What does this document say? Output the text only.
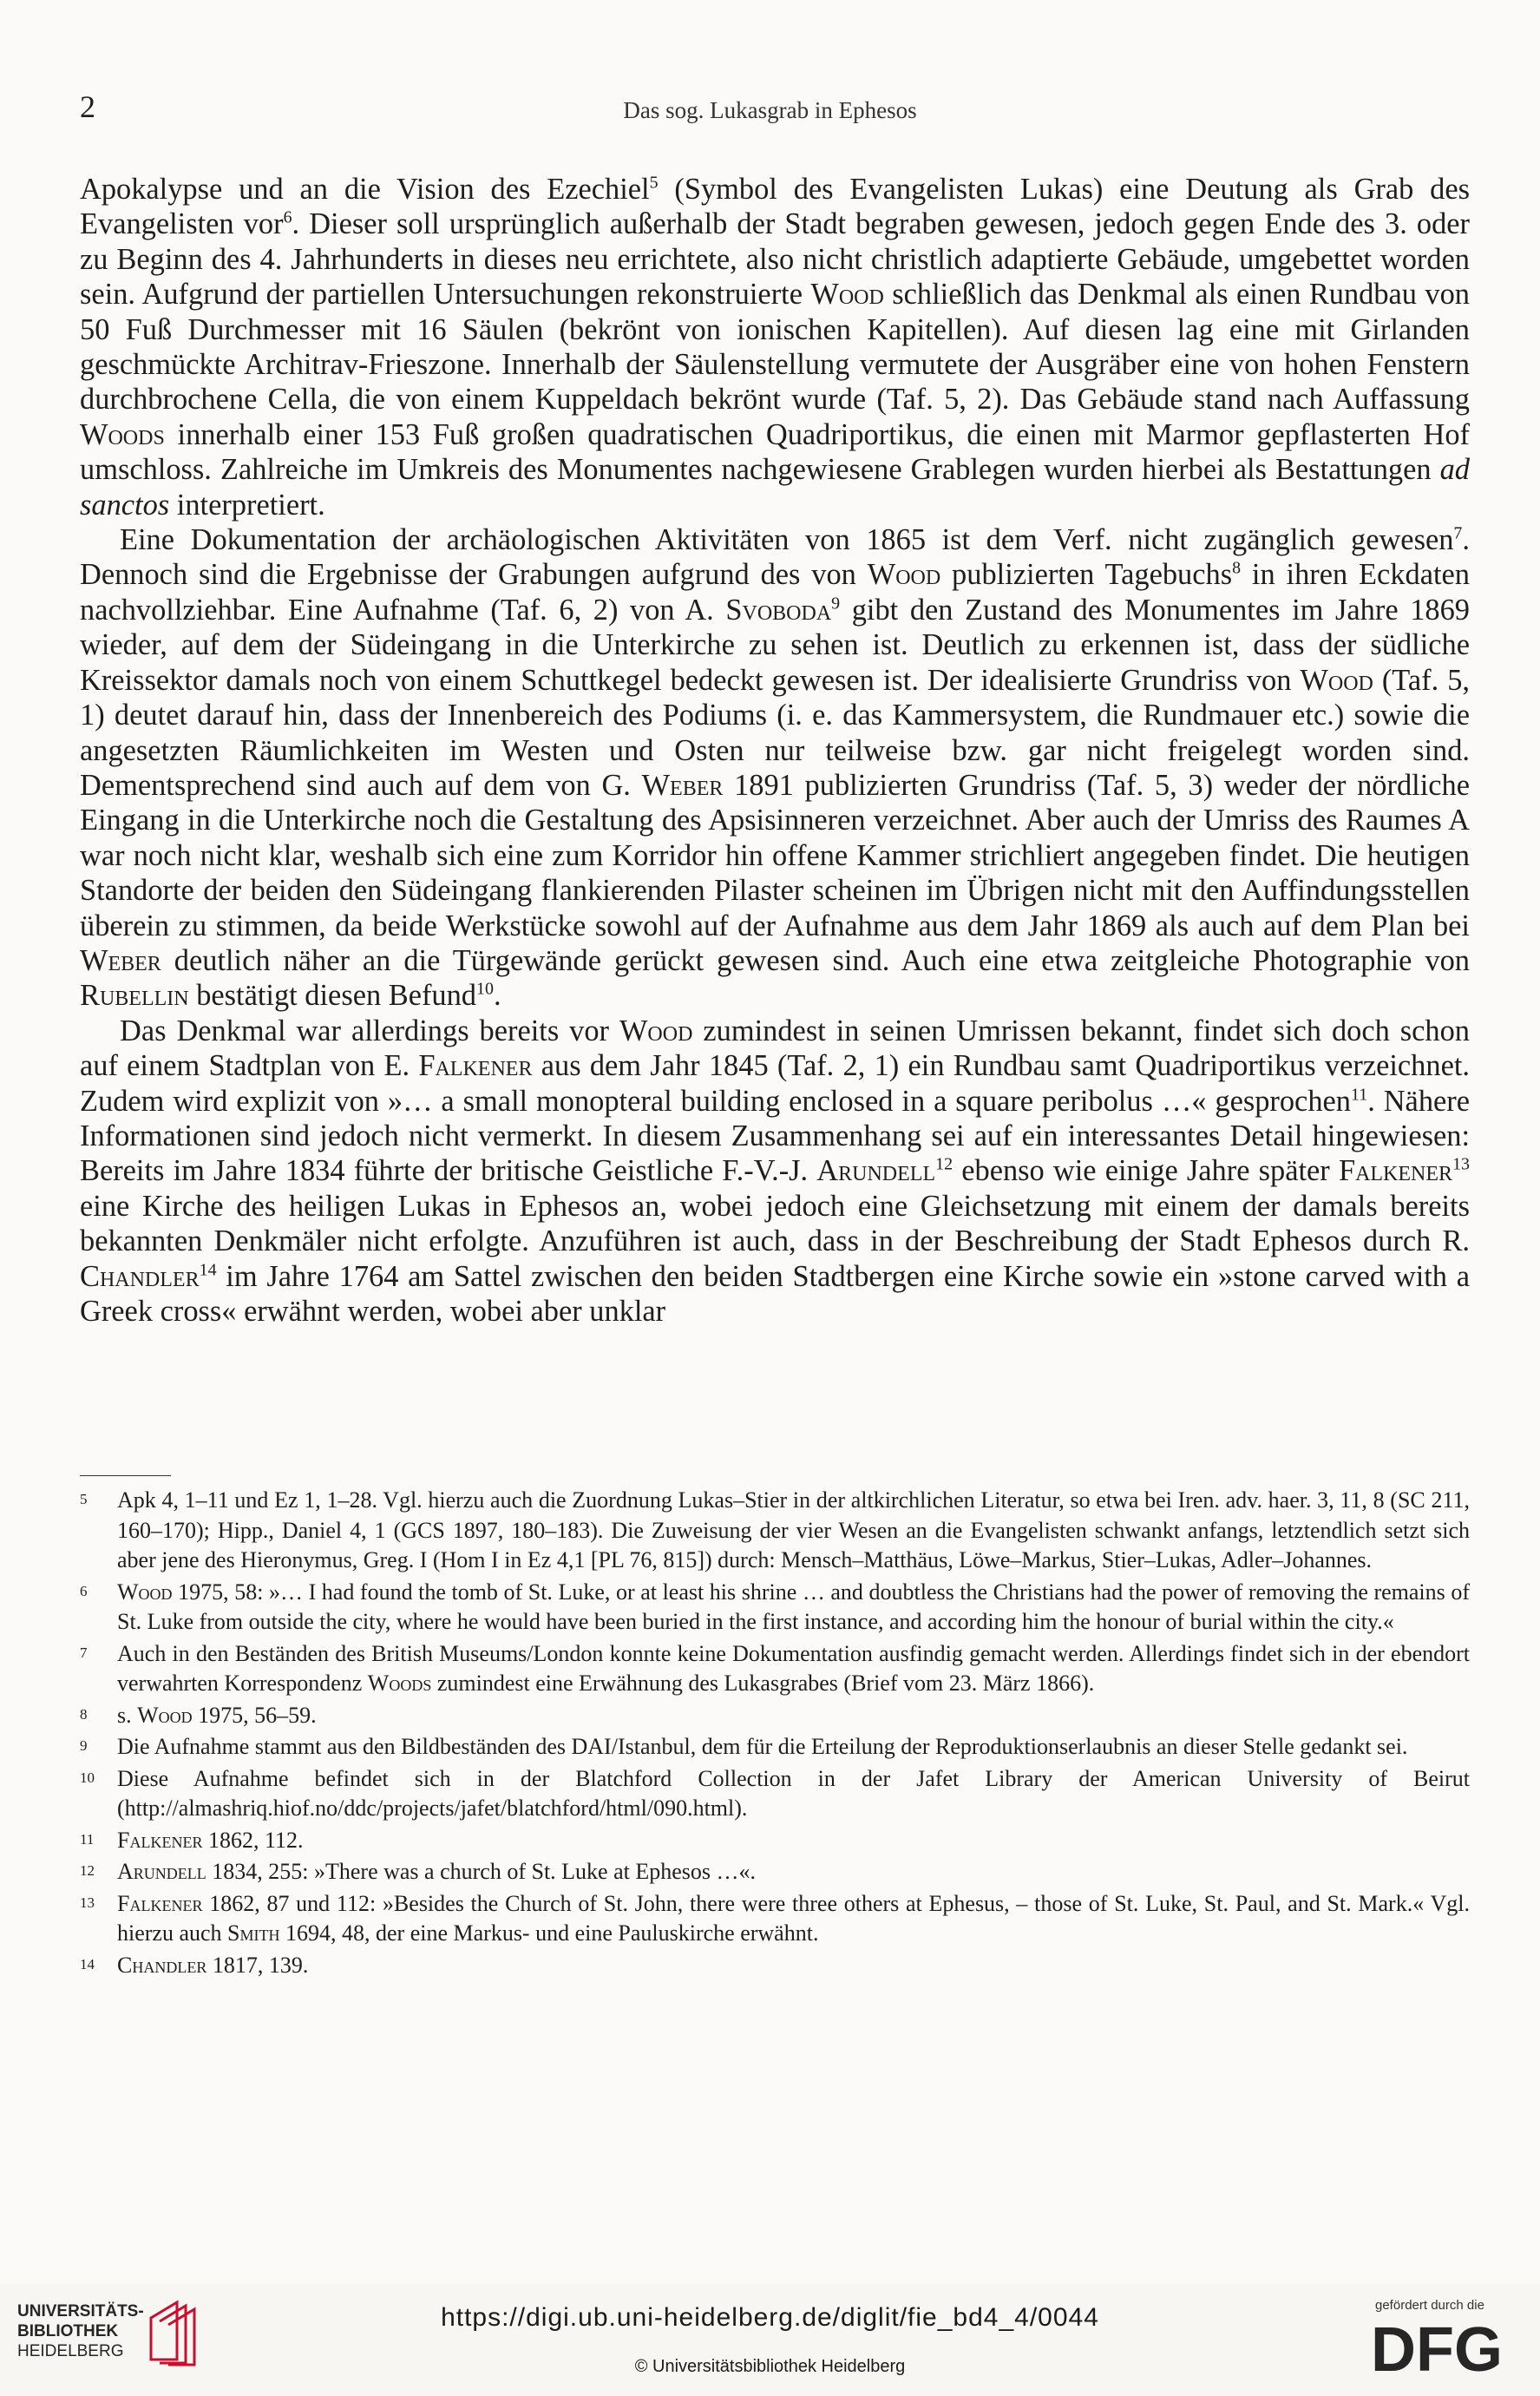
2	Das sog. Lukasgrab in Ephesos

Apokalypse und an die Vision des Ezechiel$^5$ (Symbol des Evangelisten Lukas) eine Deutung als Grab des Evangelisten vor$^6$. Dieser soll ursprünglich außerhalb der Stadt begraben gewesen, jedoch gegen Ende des 3. oder zu Beginn des 4. Jahrhunderts in dieses neu errichtete, also nicht christlich adaptierte Gebäude, umgebettet worden sein. Aufgrund der partiellen Untersuchungen rekonstruierte Wood schließlich das Denkmal als einen Rundbau von 50 Fuß Durchmesser mit 16 Säulen (bekrönt von ionischen Kapitellen). Auf diesen lag eine mit Girlanden geschmückte Architrav-Frieszone. Innerhalb der Säulenstellung vermutete der Ausgräber eine von hohen Fenstern durchbrochene Cella, die von einem Kuppeldach bekrönt wurde (Taf. 5, 2). Das Gebäude stand nach Auffassung Woods innerhalb einer 153 Fuß großen quadratischen Quadriportikus, die einen mit Marmor gepflasterten Hof umschloss. Zahlreiche im Umkreis des Monumentes nachgewiesene Grablegen wurden hierbei als Bestattungen ad sanctos interpretiert.

Eine Dokumentation der archäologischen Aktivitäten von 1865 ist dem Verf. nicht zugänglich gewesen$^7$. Dennoch sind die Ergebnisse der Grabungen aufgrund des von Wood publizierten Tagebuchs$^8$ in ihren Eckdaten nachvollziehbar. Eine Aufnahme (Taf. 6, 2) von A. Svoboda$^9$ gibt den Zustand des Monumentes im Jahre 1869 wieder, auf dem der Südeingang in die Unterkirche zu sehen ist. Deutlich zu erkennen ist, dass der südliche Kreissektor damals noch von einem Schuttkegel bedeckt gewesen ist. Der idealisierte Grundriss von Wood (Taf. 5, 1) deutet darauf hin, dass der Innenbereich des Podiums (i. e. das Kammersystem, die Rundmauer etc.) sowie die angesetzten Räumlichkeiten im Westen und Osten nur teilweise bzw. gar nicht freigelegt worden sind. Dementsprechend sind auch auf dem von G. Weber 1891 publizierten Grundriss (Taf. 5, 3) weder der nördliche Eingang in die Unterkirche noch die Gestaltung des Apsisinneren verzeichnet. Aber auch der Umriss des Raumes A war noch nicht klar, weshalb sich eine zum Korridor hin offene Kammer strichliert angegeben findet. Die heutigen Standorte der beiden den Südeingang flankierenden Pilaster scheinen im Übrigen nicht mit den Auffindungsstellen überein zu stimmen, da beide Werkstücke sowohl auf der Aufnahme aus dem Jahr 1869 als auch auf dem Plan bei Weber deutlich näher an die Türgewände gerückt gewesen sind. Auch eine etwa zeitgleiche Photographie von Rubellin bestätigt diesen Befund$^{10}$.

Das Denkmal war allerdings bereits vor Wood zumindest in seinen Umrissen bekannt, findet sich doch schon auf einem Stadtplan von E. Falkener aus dem Jahr 1845 (Taf. 2, 1) ein Rundbau samt Quadriportikus verzeichnet. Zudem wird explizit von »… a small monopteral building enclosed in a square peribolus …« gesprochen$^{11}$. Nähere Informationen sind jedoch nicht vermerkt. In diesem Zusammenhang sei auf ein interessantes Detail hingewiesen: Bereits im Jahre 1834 führte der britische Geistliche F.-V.-J. Arundell$^{12}$ ebenso wie einige Jahre später Falkener$^{13}$ eine Kirche des heiligen Lukas in Ephesos an, wobei jedoch eine Gleichsetzung mit einem der damals bereits bekannten Denkmäler nicht erfolgte. Anzuführen ist auch, dass in der Beschreibung der Stadt Ephesos durch R. Chandler$^{14}$ im Jahre 1764 am Sattel zwischen den beiden Stadtbergen eine Kirche sowie ein »stone carved with a Greek cross« erwähnt werden, wobei aber unklar

5	Apk 4, 1–11 und Ez 1, 1–28. Vgl. hierzu auch die Zuordnung Lukas–Stier in der altkirchlichen Literatur, so etwa bei Iren. adv. haer. 3, 11, 8 (SC 211, 160–170); Hipp., Daniel 4, 1 (GCS 1897, 180–183). Die Zuweisung der vier Wesen an die Evangelisten schwankt anfangs, letztendlich setzt sich aber jene des Hieronymus, Greg. I (Hom I in Ez 4,1 [PL 76, 815]) durch: Mensch–Matthäus, Löwe–Markus, Stier–Lukas, Adler–Johannes.
6	Wood 1975, 58: »… I had found the tomb of St. Luke, or at least his shrine … and doubtless the Christians had the power of removing the remains of St. Luke from outside the city, where he would have been buried in the first instance, and according him the honour of burial within the city.«
7	Auch in den Beständen des British Museums/London konnte keine Dokumentation ausfindig gemacht werden. Allerdings findet sich in der ebendort verwahrten Korrespondenz Woods zumindest eine Erwähnung des Lukasgrabes (Brief vom 23. März 1866).
8	s. Wood 1975, 56–59.
9	Die Aufnahme stammt aus den Bildbeständen des DAI/Istanbul, dem für die Erteilung der Reproduktionserlaubnis an dieser Stelle gedankt sei.
10	Diese Aufnahme befindet sich in der Blatchford Collection in der Jafet Library der American University of Beirut (http://almashriq.hiof.no/ddc/projects/jafet/blatchford/html/090.html).
11	Falkener 1862, 112.
12	Arundell 1834, 255: »There was a church of St. Luke at Ephesos …«.
13	Falkener 1862, 87 und 112: »Besides the Church of St. John, there were three others at Ephesus, – those of St. Luke, St. Paul, and St. Mark.« Vgl. hierzu auch Smith 1694, 48, der eine Markus- und eine Pauluskirche erwähnt.
14	Chandler 1817, 139.
UNIVERSITÄTS-
BIBLIOTHEK
HEIDELBERG
https://digi.ub.uni-heidelberg.de/diglit/fie_bd4_4/0044
© Universitätsbibliothek Heidelberg
gefördert durch die
DFG
